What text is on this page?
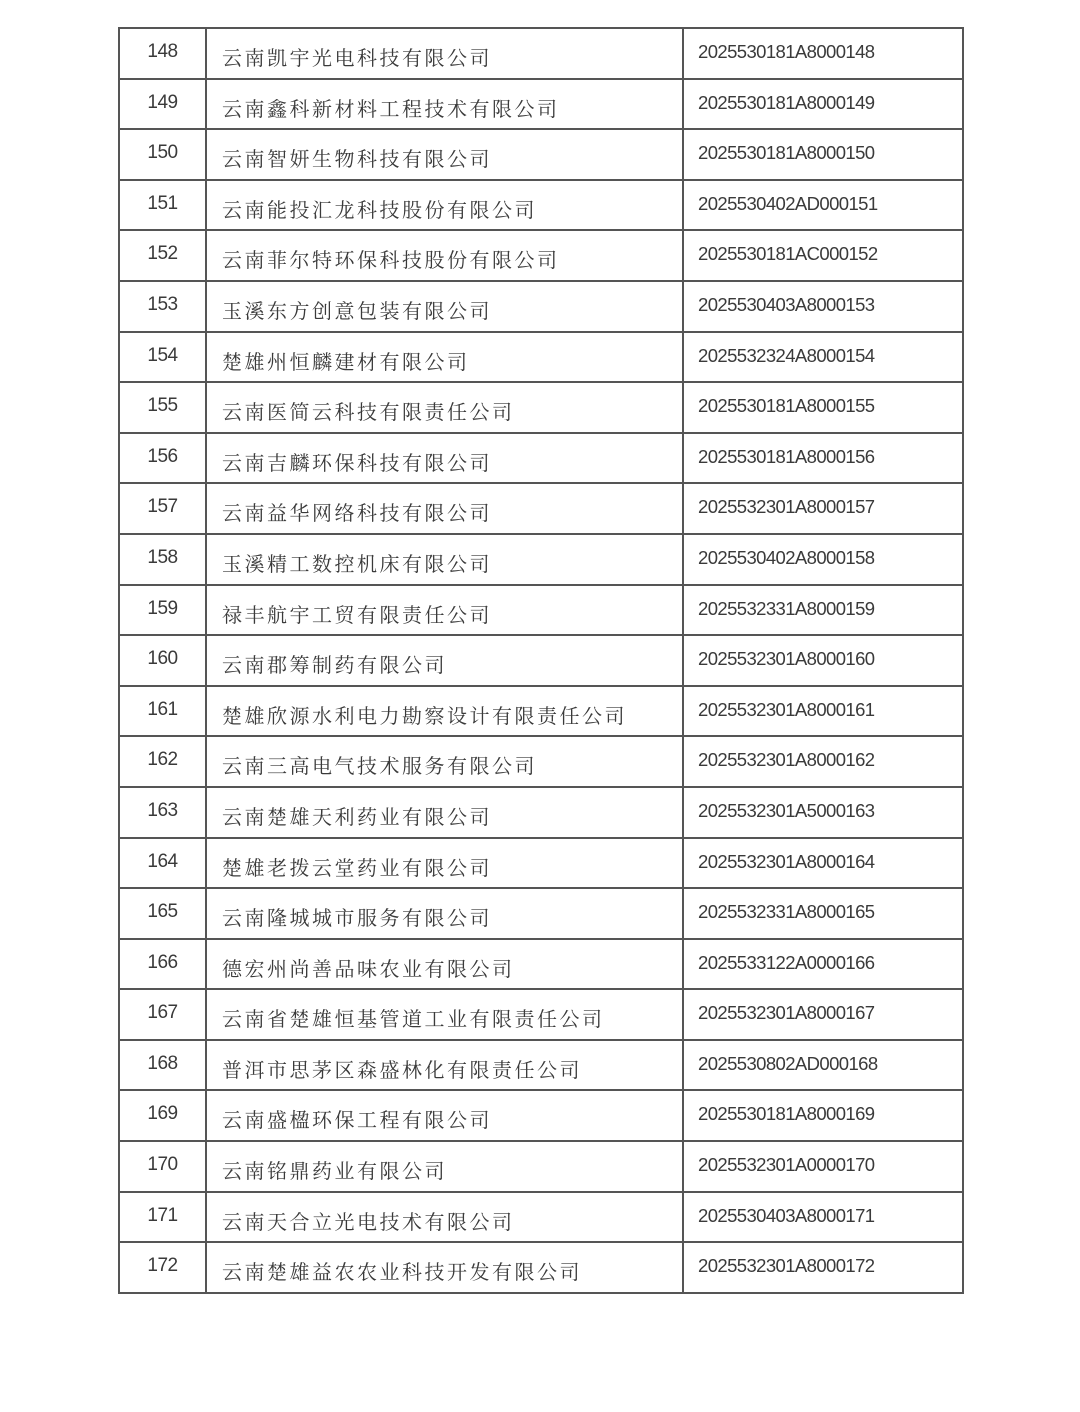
148	云南凯宇光电科技有限公司	2025530181A8000148
149	云南鑫科新材料工程技术有限公司	2025530181A8000149
150	云南智妍生物科技有限公司	2025530181A8000150
151	云南能投汇龙科技股份有限公司	2025530402AD000151
152	云南菲尔特环保科技股份有限公司	2025530181AC000152
153	玉溪东方创意包装有限公司	2025530403A8000153
154	楚雄州恒麟建材有限公司	2025532324A8000154
155	云南医简云科技有限责任公司	2025530181A8000155
156	云南吉麟环保科技有限公司	2025530181A8000156
157	云南益华网络科技有限公司	2025532301A8000157
158	玉溪精工数控机床有限公司	2025530402A8000158
159	禄丰航宇工贸有限责任公司	2025532331A8000159
160	云南郡筹制药有限公司	2025532301A8000160
161	楚雄欣源水利电力勘察设计有限责任公司	2025532301A8000161
162	云南三高电气技术服务有限公司	2025532301A8000162
163	云南楚雄天利药业有限公司	2025532301A5000163
164	楚雄老拨云堂药业有限公司	2025532301A8000164
165	云南隆城城市服务有限公司	2025532331A8000165
166	德宏州尚善品味农业有限公司	2025533122A0000166
167	云南省楚雄恒基管道工业有限责任公司	2025532301A8000167
168	普洱市思茅区森盛林化有限责任公司	2025530802AD000168
169	云南盛楹环保工程有限公司	2025530181A8000169
170	云南铭鼎药业有限公司	2025532301A0000170
171	云南天合立光电技术有限公司	2025530403A8000171
172	云南楚雄益农农业科技开发有限公司	2025532301A8000172
